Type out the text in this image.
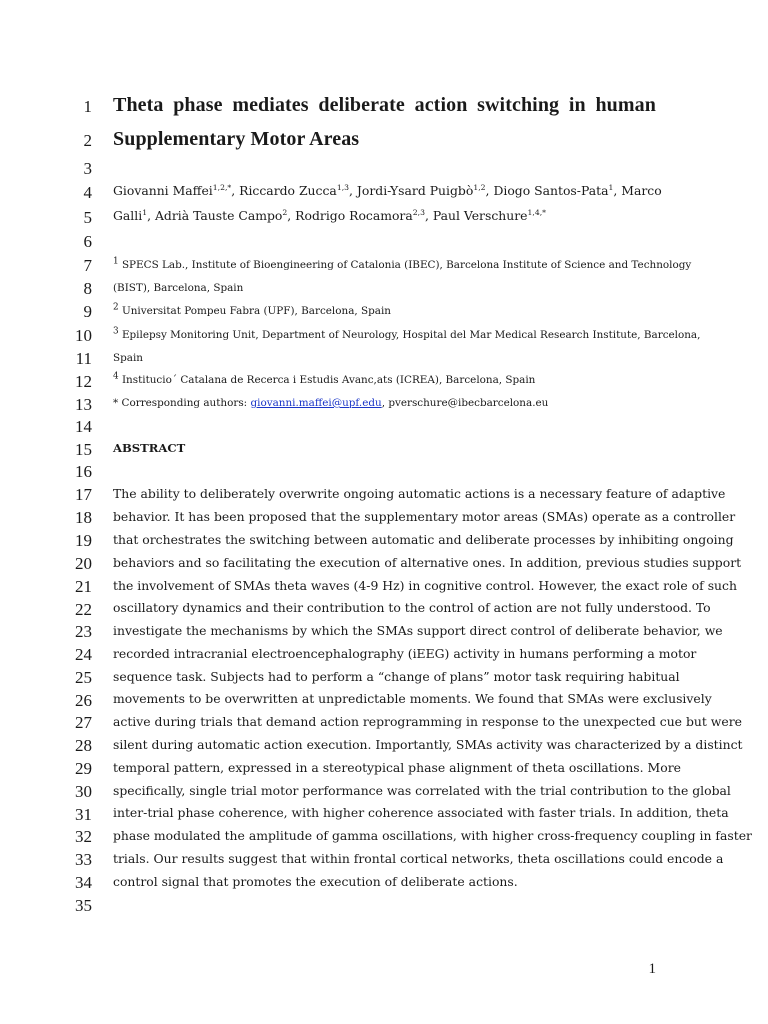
1
2
3
4
5
6
7
8
9
10
11
12
13
14
15
16
17
18
19
20
21
22
23
24
25
26
27
28
29
30
31
32
33
34
35
Theta phase mediates deliberate action switching in human
Supplementary Motor Areas
Giovanni Maffei$^{1,2,*}$, Riccardo Zucca$^{1,3}$, Jordi-Ysard Puigbò$^{1,2}$, Diogo Santos-Pata$^1$, Marco
Galli$^1$, Adrià Tauste Campo$^2$, Rodrigo Rocamora$^{2,3}$, Paul Verschure$^{1,4,*}$
$^1$ SPECS Lab., Institute of Bioengineering of Catalonia (IBEC), Barcelona Institute of Science and Technology
(BIST), Barcelona, Spain
$^2$ Universitat Pompeu Fabra (UPF), Barcelona, Spain
$^3$ Epilepsy Monitoring Unit, Department of Neurology, Hospital del Mar Medical Research Institute, Barcelona,
Spain
$^4$ Institucio´ Catalana de Recerca i Estudis Avanc,ats (ICREA), Barcelona, Spain
* Corresponding authors: giovanni.maffei@upf.edu, pverschure@ibecbarcelona.eu
ABSTRACT
The ability to deliberately overwrite ongoing automatic actions is a necessary feature of adaptive
behavior. It has been proposed that the supplementary motor areas (SMAs) operate as a controller
that orchestrates the switching between automatic and deliberate processes by inhibiting ongoing
behaviors and so facilitating the execution of alternative ones. In addition, previous studies support
the involvement of SMAs theta waves (4-9 Hz) in cognitive control. However, the exact role of such
oscillatory dynamics and their contribution to the control of action are not fully understood. To
investigate the mechanisms by which the SMAs support direct control of deliberate behavior, we
recorded intracranial electroencephalography (iEEG) activity in humans performing a motor
sequence task. Subjects had to perform a “change of plans” motor task requiring habitual
movements to be overwritten at unpredictable moments. We found that SMAs were exclusively
active during trials that demand action reprogramming in response to the unexpected cue but were
silent during automatic action execution. Importantly, SMAs activity was characterized by a distinct
temporal pattern, expressed in a stereotypical phase alignment of theta oscillations. More
specifically, single trial motor performance was correlated with the trial contribution to the global
inter-trial phase coherence, with higher coherence associated with faster trials. In addition, theta
phase modulated the amplitude of gamma oscillations, with higher cross-frequency coupling in faster
trials. Our results suggest that within frontal cortical networks, theta oscillations could encode a
control signal that promotes the execution of deliberate actions.
1
